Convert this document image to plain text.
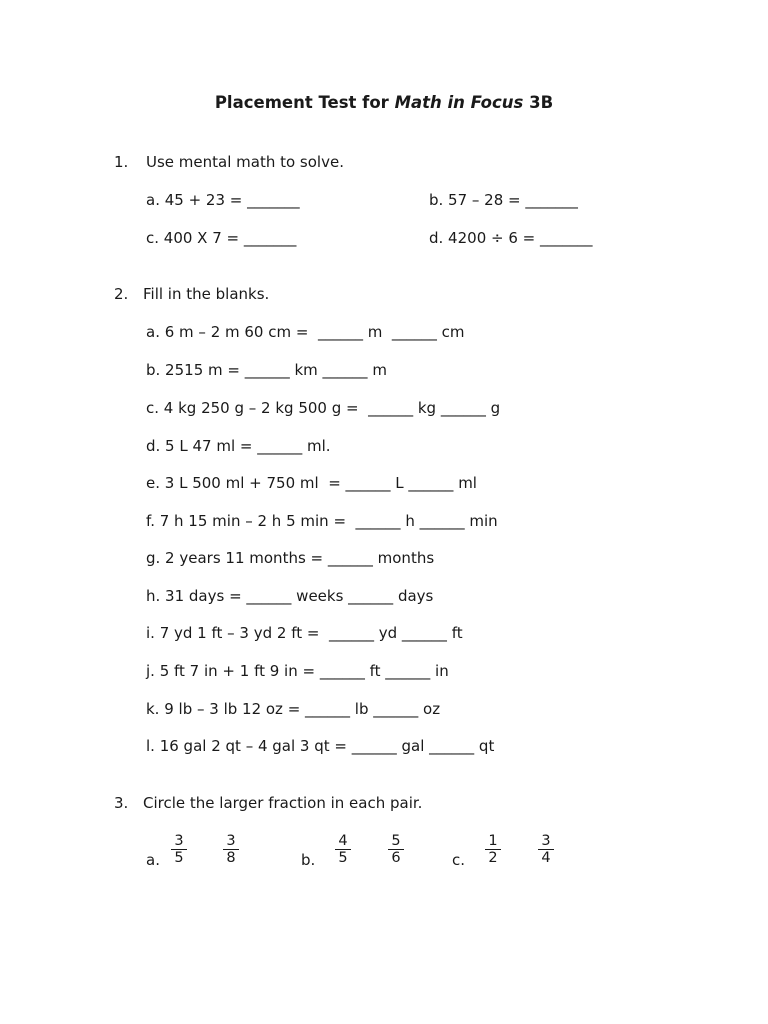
Placement Test for Math in Focus 3B
1. Use mental math to solve.
a. 45 + 23 = _______	b. 57 – 28 = _______
c. 400 X 7 = _______	d. 4200 ÷ 6 = _______
2. Fill in the blanks.
a. 6 m – 2 m 60 cm =  ______ m  ______ cm
b. 2515 m = ______ km ______ m
c. 4 kg 250 g – 2 kg 500 g =  ______ kg ______ g
d. 5 L 47 ml = ______ ml.
e. 3 L 500 ml + 750 ml  = ______ L ______ ml
f. 7 h 15 min – 2 h 5 min =  ______ h ______ min
g. 2 years 11 months = ______ months
h. 31 days = ______ weeks ______ days
i. 7 yd 1 ft – 3 yd 2 ft =  ______ yd ______ ft
j. 5 ft 7 in + 1 ft 9 in = ______ ft ______ in
k. 9 lb – 3 lb 12 oz = ______ lb ______ oz
l. 16 gal 2 qt – 4 gal 3 qt = ______ gal ______ qt
3. Circle the larger fraction in each pair.
a. $\frac{3}{5} \frac{3}{8}$	b. $\frac{4}{5}$	$\frac{5}{6}$	c. $\frac{1}{2}$	$\frac{3}{4}$
